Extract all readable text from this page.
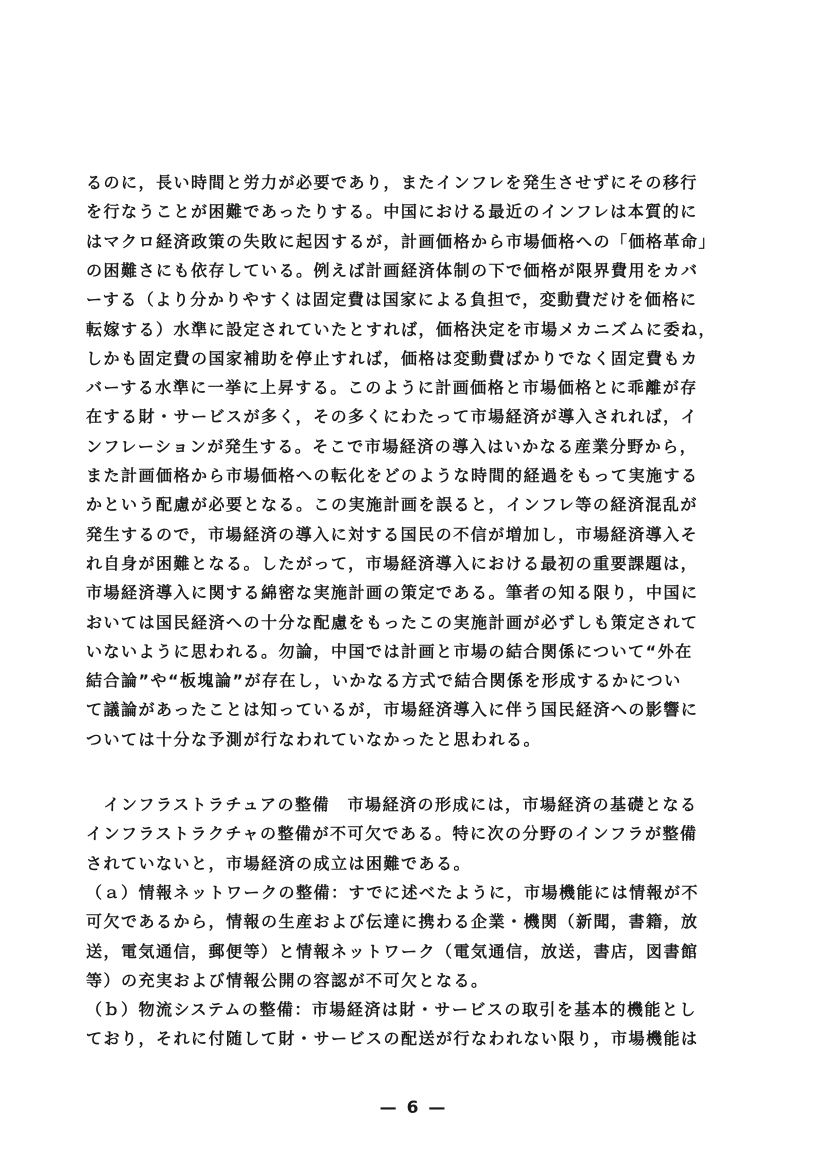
るのに，長い時間と労力が必要であり，またインフレを発生させずにその移行
を行なうことが困難であったりする。中国における最近のインフレは本質的に
はマクロ経済政策の失敗に起因するが，計画価格から市場価格への「価格革命」
の困難さにも依存している。例えば計画経済体制の下で価格が限界費用をカバ
ーする（より分かりやすくは固定費は国家による負担で，変動費だけを価格に
転嫁する）水準に設定されていたとすれば，価格決定を市場メカニズムに委ね，
しかも固定費の国家補助を停止すれば，価格は変動費ばかりでなく固定費もカ
バーする水準に一挙に上昇する。このように計画価格と市場価格とに乖離が存
在する財・サービスが多く，その多くにわたって市場経済が導入されれば，イ
ンフレーションが発生する。そこで市場経済の導入はいかなる産業分野から，
また計画価格から市場価格への転化をどのような時間的経過をもって実施する
かという配慮が必要となる。この実施計画を誤ると，インフレ等の経済混乱が
発生するので，市場経済の導入に対する国民の不信が増加し，市場経済導入そ
れ自身が困難となる。したがって，市場経済導入における最初の重要課題は，
市場経済導入に関する綿密な実施計画の策定である。筆者の知る限り，中国に
おいては国民経済への十分な配慮をもったこの実施計画が必ずしも策定されて
いないように思われる。勿論，中国では計画と市場の結合関係について“外在
結合論”や“板塊論”が存在し，いかなる方式で結合関係を形成するかについ
て議論があったことは知っているが，市場経済導入に伴う国民経済への影響に
ついては十分な予測が行なわれていなかったと思われる。
　インフラストラチュアの整備　市場経済の形成には，市場経済の基礎となる
インフラストラクチャの整備が不可欠である。特に次の分野のインフラが整備
されていないと，市場経済の成立は困難である。
（ａ）情報ネットワークの整備：すでに述べたように，市場機能には情報が不
可欠であるから，情報の生産および伝達に携わる企業・機関（新聞，書籍，放
送，電気通信，郵便等）と情報ネットワーク（電気通信，放送，書店，図書館
等）の充実および情報公開の容認が不可欠となる。
（ｂ）物流システムの整備：市場経済は財・サービスの取引を基本的機能とし
ており，それに付随して財・サービスの配送が行なわれない限り，市場機能は
— 6 —
